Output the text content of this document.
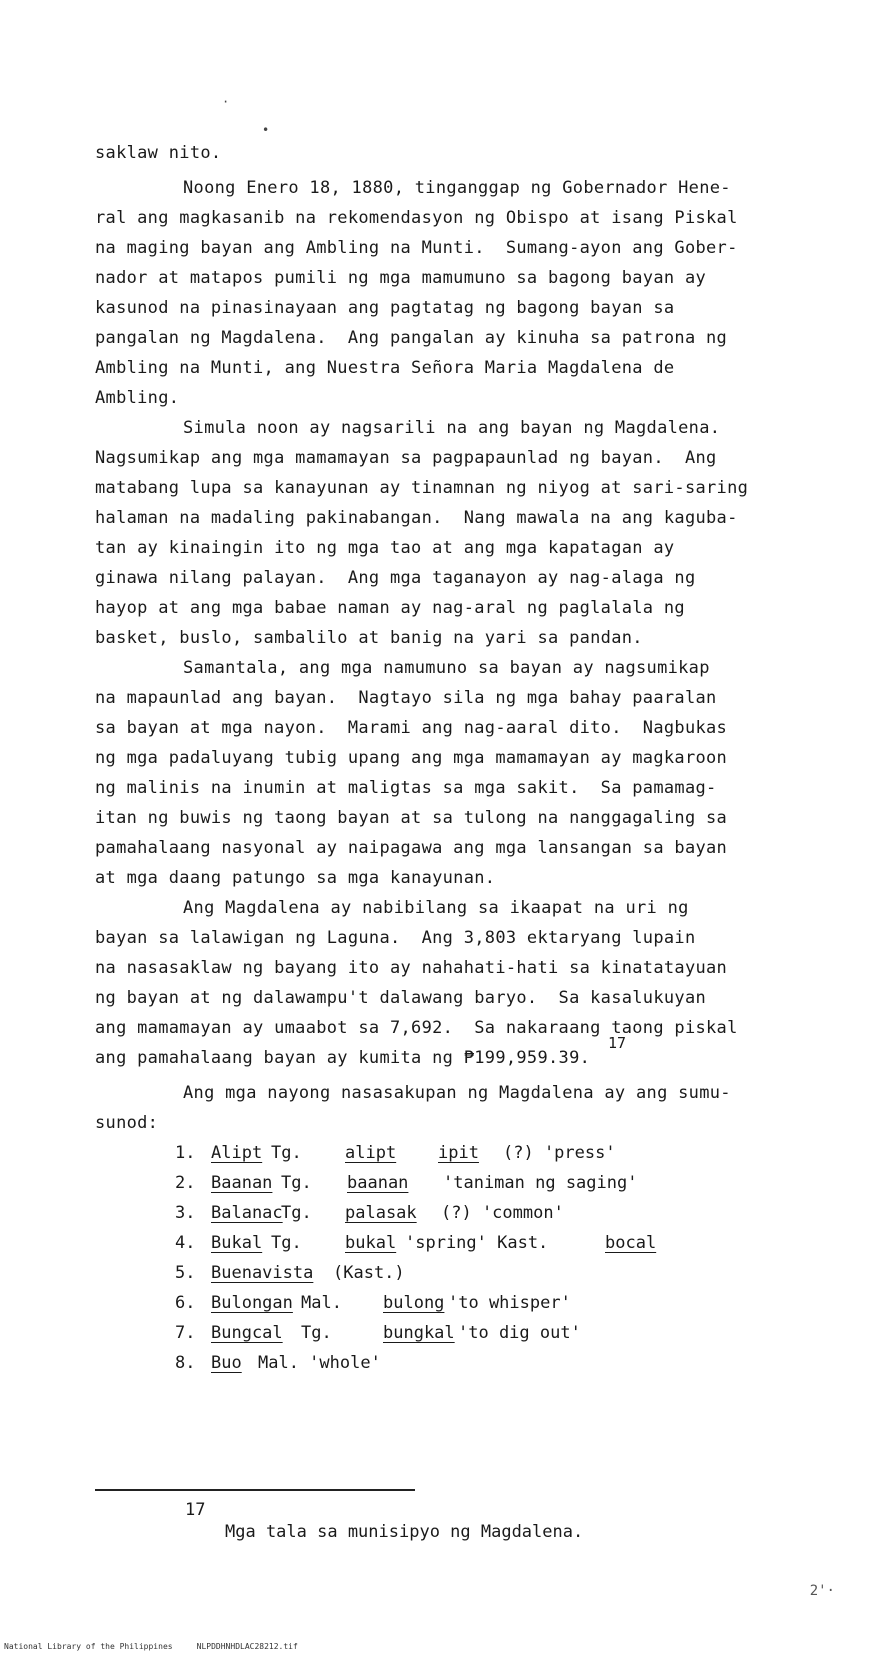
saklaw nito.
Noong Enero 18, 1880, tinganggap ng Gobernador Hene-
ral ang magkasanib na rekomendasyon ng Obispo at isang Piskal
na maging bayan ang Ambling na Munti.  Sumang-ayon ang Gober-
nador at matapos pumili ng mga mamumuno sa bagong bayan ay
kasunod na pinasinayaan ang pagtatag ng bagong bayan sa
pangalan ng Magdalena.  Ang pangalan ay kinuha sa patrona ng
Ambling na Munti, ang Nuestra Señora Maria Magdalena de
Ambling.
Simula noon ay nagsarili na ang bayan ng Magdalena.
Nagsumikap ang mga mamamayan sa pagpapaunlad ng bayan.  Ang
matabang lupa sa kanayunan ay tinamnan ng niyog at sari-saring
halaman na madaling pakinabangan.  Nang mawala na ang kaguba-
tan ay kinaingin ito ng mga tao at ang mga kapatagan ay
ginawa nilang palayan.  Ang mga taganayon ay nag-alaga ng
hayop at ang mga babae naman ay nag-aral ng paglalala ng
basket, buslo, sambalilo at banig na yari sa pandan.
Samantala, ang mga namumuno sa bayan ay nagsumikap
na mapaunlad ang bayan.  Nagtayo sila ng mga bahay paaralan
sa bayan at mga nayon.  Marami ang nag-aaral dito.  Nagbukas
ng mga padaluyang tubig upang ang mga mamamayan ay magkaroon
ng malinis na inumin at maligtas sa mga sakit.  Sa pamamag-
itan ng buwis ng taong bayan at sa tulong na nanggagaling sa
pamahalaang nasyonal ay naipagawa ang mga lansangan sa bayan
at mga daang patungo sa mga kanayunan.
Ang Magdalena ay nabibilang sa ikaapat na uri ng
bayan sa lalawigan ng Laguna.  Ang 3,803 ektaryang lupain
na nasasaklaw ng bayang ito ay nahahati-hati sa kinatatayuan
ng bayan at ng dalawampu't dalawang baryo.  Sa kasalukuyan
ang mamamayan ay umaabot sa 7,692.  Sa nakaraang taong piskal
ang pamahalaang bayan ay kumita ng ₱199,959.39.
17
Ang mga nayong nasasakupan ng Magdalena ay ang sumu-
sunod:
1. Alipt Tg.	alipt ipit (?) 'press'
2. Baanan Tg. baanan 'taniman ng saging'
3. Balanac
Tg. palasak (?) 'common'
4. Bukal Tg.	bukal 'spring' Kast.	bocal
5. Buenavista (Kast.)
6. Bulongan Mal. bulong 'to whisper'
7. Bungcal Tg.	bungkal 'to dig out'
8. Buo Mal. 'whole'
17
Mga tala sa munisipyo ng Magdalena.
·
•
2'·
National Library of the Philippines     NLPDDHNHDLAC28212.tif
